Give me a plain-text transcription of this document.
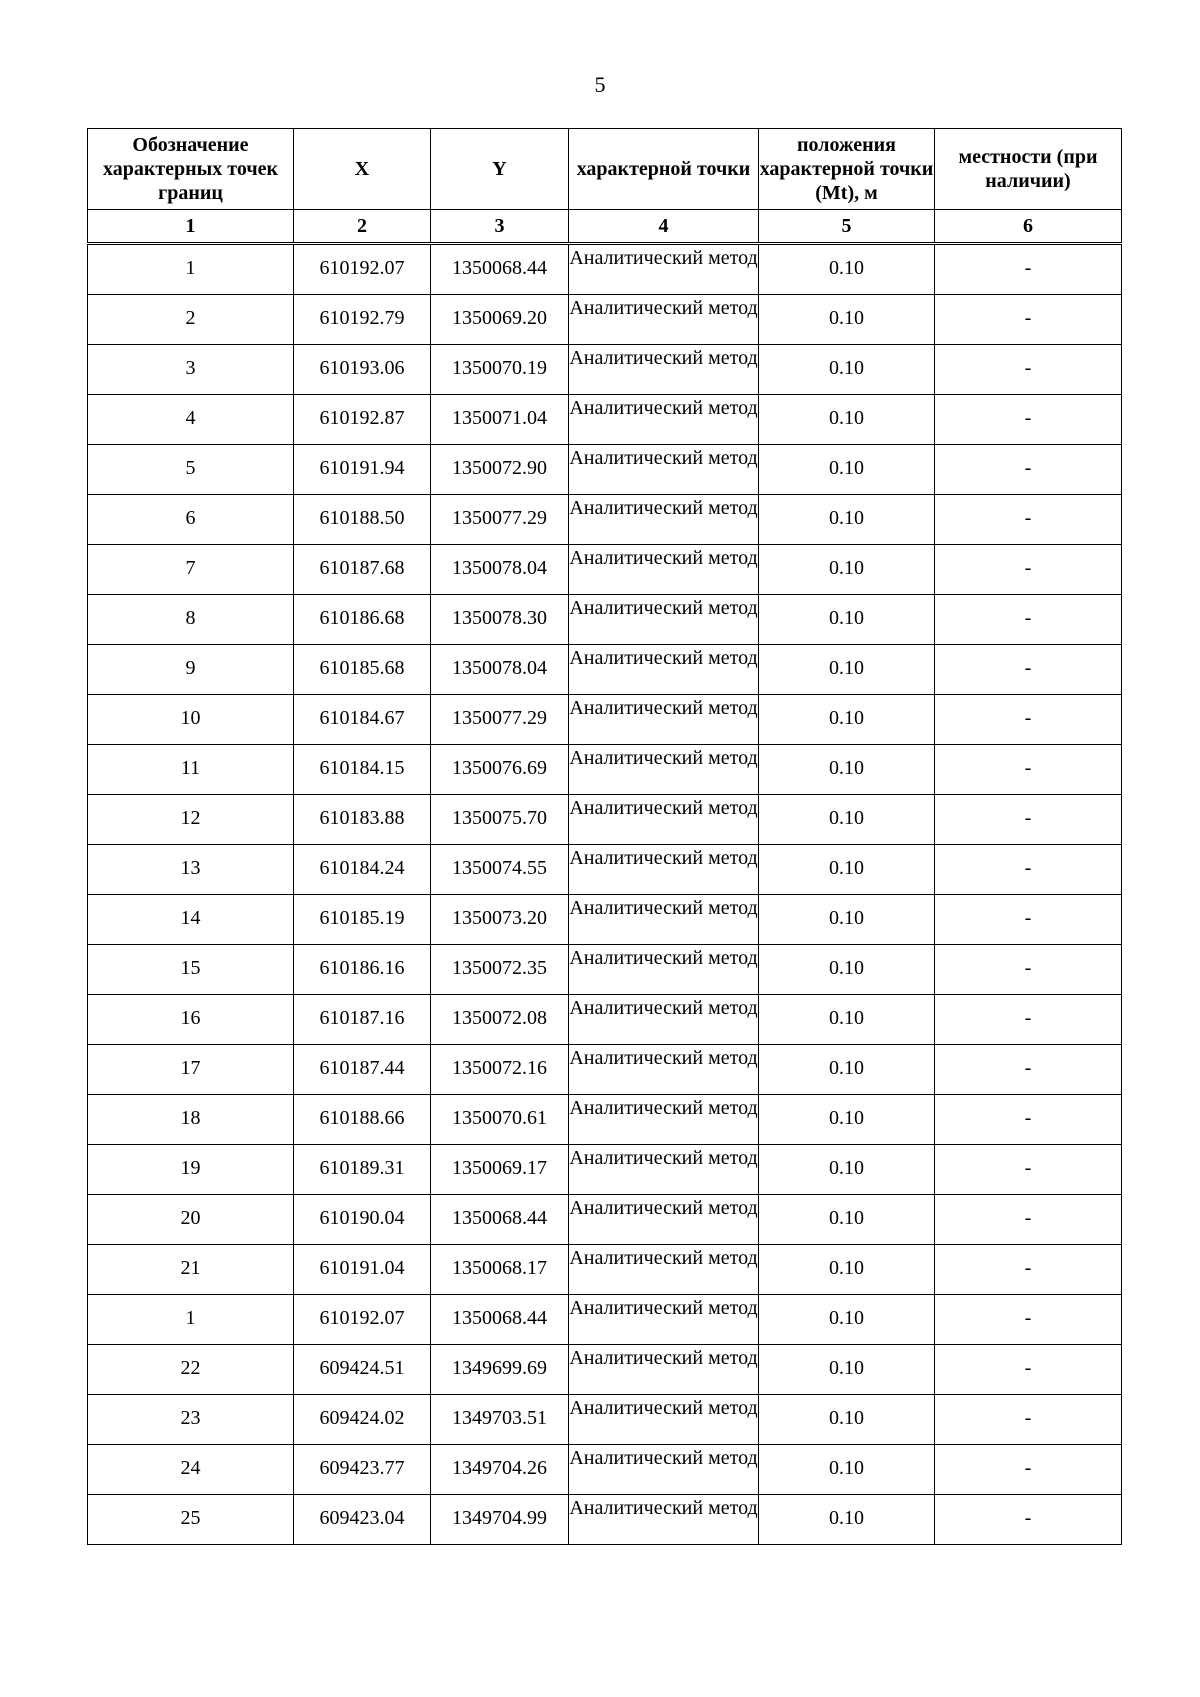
5
Обозначение характерных точек границ	X	Y	характерной точки	положения характерной точки (Mt), м	местности (при наличии)
1	2	3	4	5	6

1	610192.07	1350068.44	Аналитический метод	0.10	-

2	610192.79	1350069.20	Аналитический метод	0.10	-

3	610193.06	1350070.19	Аналитический метод	0.10	-

4	610192.87	1350071.04	Аналитический метод	0.10	-

5	610191.94	1350072.90	Аналитический метод	0.10	-

6	610188.50	1350077.29	Аналитический метод	0.10	-

7	610187.68	1350078.04	Аналитический метод	0.10	-

8	610186.68	1350078.30	Аналитический метод	0.10	-

9	610185.68	1350078.04	Аналитический метод	0.10	-

10	610184.67	1350077.29	Аналитический метод	0.10	-

11	610184.15	1350076.69	Аналитический метод	0.10	-

12	610183.88	1350075.70	Аналитический метод	0.10	-

13	610184.24	1350074.55	Аналитический метод	0.10	-

14	610185.19	1350073.20	Аналитический метод	0.10	-

15	610186.16	1350072.35	Аналитический метод	0.10	-

16	610187.16	1350072.08	Аналитический метод	0.10	-

17	610187.44	1350072.16	Аналитический метод	0.10	-

18	610188.66	1350070.61	Аналитический метод	0.10	-

19	610189.31	1350069.17	Аналитический метод	0.10	-

20	610190.04	1350068.44	Аналитический метод	0.10	-

21	610191.04	1350068.17	Аналитический метод	0.10	-

1	610192.07	1350068.44	Аналитический метод	0.10	-

22	609424.51	1349699.69	Аналитический метод	0.10	-

23	609424.02	1349703.51	Аналитический метод	0.10	-

24	609423.77	1349704.26	Аналитический метод	0.10	-

25	609423.04	1349704.99	Аналитический метод	0.10	-
